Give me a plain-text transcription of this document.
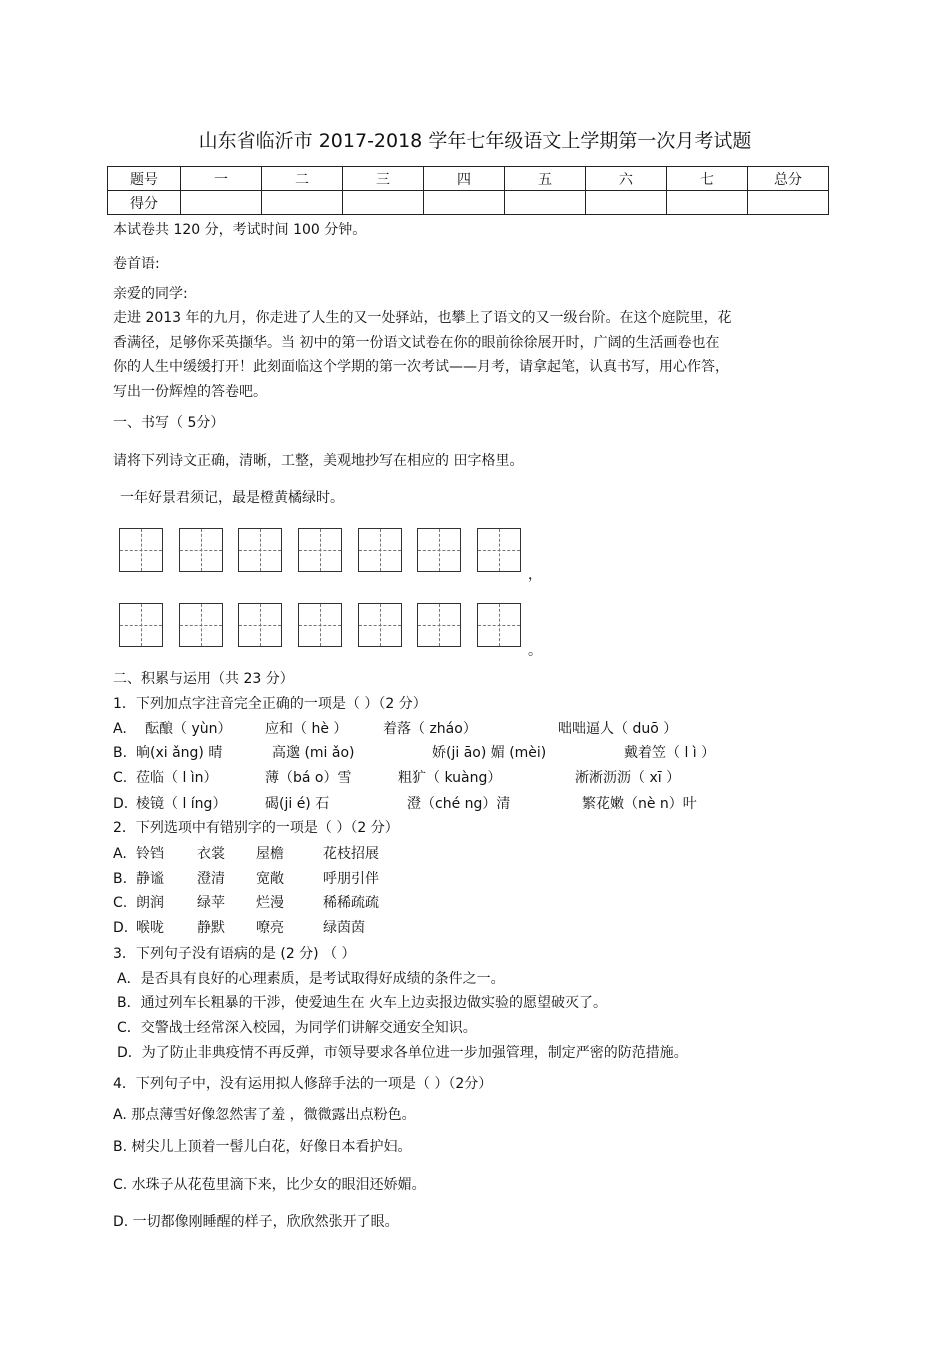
山东省临沂市 2017-2018 学年七年级语文上学期第一次月考试题
题号	一	二	三	四	五	六	七	总分
得分								
本试卷共 120 分，考试时间 100 分钟。
卷首语:
亲爱的同学:
走进 2013 年的九月，你走进了人生的又一处驿站，也攀上了语文的又一级台阶。在这个庭院里，花
香满径，足够你采英撷华。当 初中的第一份语文试卷在你的眼前徐徐展开时，广阔的生活画卷也在
你的人生中缓缓打开！此刻面临这个学期的第一次考试——月考，请拿起笔，认真书写，用心作答，
写出一份辉煌的答卷吧。
一、书写（ 5分）
请将下列诗文正确，清晰，工整，美观地抄写在相应的 田字格里。
一年好景君须记，最是橙黄橘绿时。
，
。
二、积累与运用（共 23 分）
1．下列加点字注音完全正确的一项是（ ）（2 分）
A. 酝酿（ yùn） 应和（ hè ）	着落（ zháo）	咄咄逼人（ duō ）
B. 晌(xi ǎng) 晴	高邈 (mi ǎo)	娇(ji āo) 媚 (mèi)	戴着笠（ l ì ）
C. 莅临（ l ìn）	薄（bá o）雪	粗犷（ kuàng）	淅淅沥沥（ xī ）
D. 棱镜（ l íng）	碣(ji é) 石	澄（ché ng）清	繁花嫩（nè n）叶
2．下列选项中有错别字的一项是（ ）（2 分）
A. 铃铛 衣裳 屋檐	花枝招展
B. 静谧 澄清 宽敞	呼朋引伴
C. 朗润 绿苹 烂漫	稀稀疏疏
D. 喉咙 静默 嘹亮	绿茵茵
3．下列句子没有语病的是 (2 分) （ ）
A．是否具有良好的心理素质，是考试取得好成绩的条件之一。
B．通过列车长粗暴的干涉，使爱迪生在 火车上边卖报边做实验的愿望破灭了。
C．交警战士经常深入校园，为同学们讲解交通安全知识。
D．为了防止非典疫情不再反弹，市领导要求各单位进一步加强管理，制定严密的防范措施。
4．下列句子中，没有运用拟人修辞手法的一项是（ ）（2分）
A. 那点薄雪好像忽然害了羞 ，微微露出点粉色。
B. 树尖儿上顶着一髻儿白花，好像日本看护妇。
C. 水珠子从花苞里滴下来，比少女的眼泪还娇媚。
D. 一切都像刚睡醒的样子，欣欣然张开了眼。
